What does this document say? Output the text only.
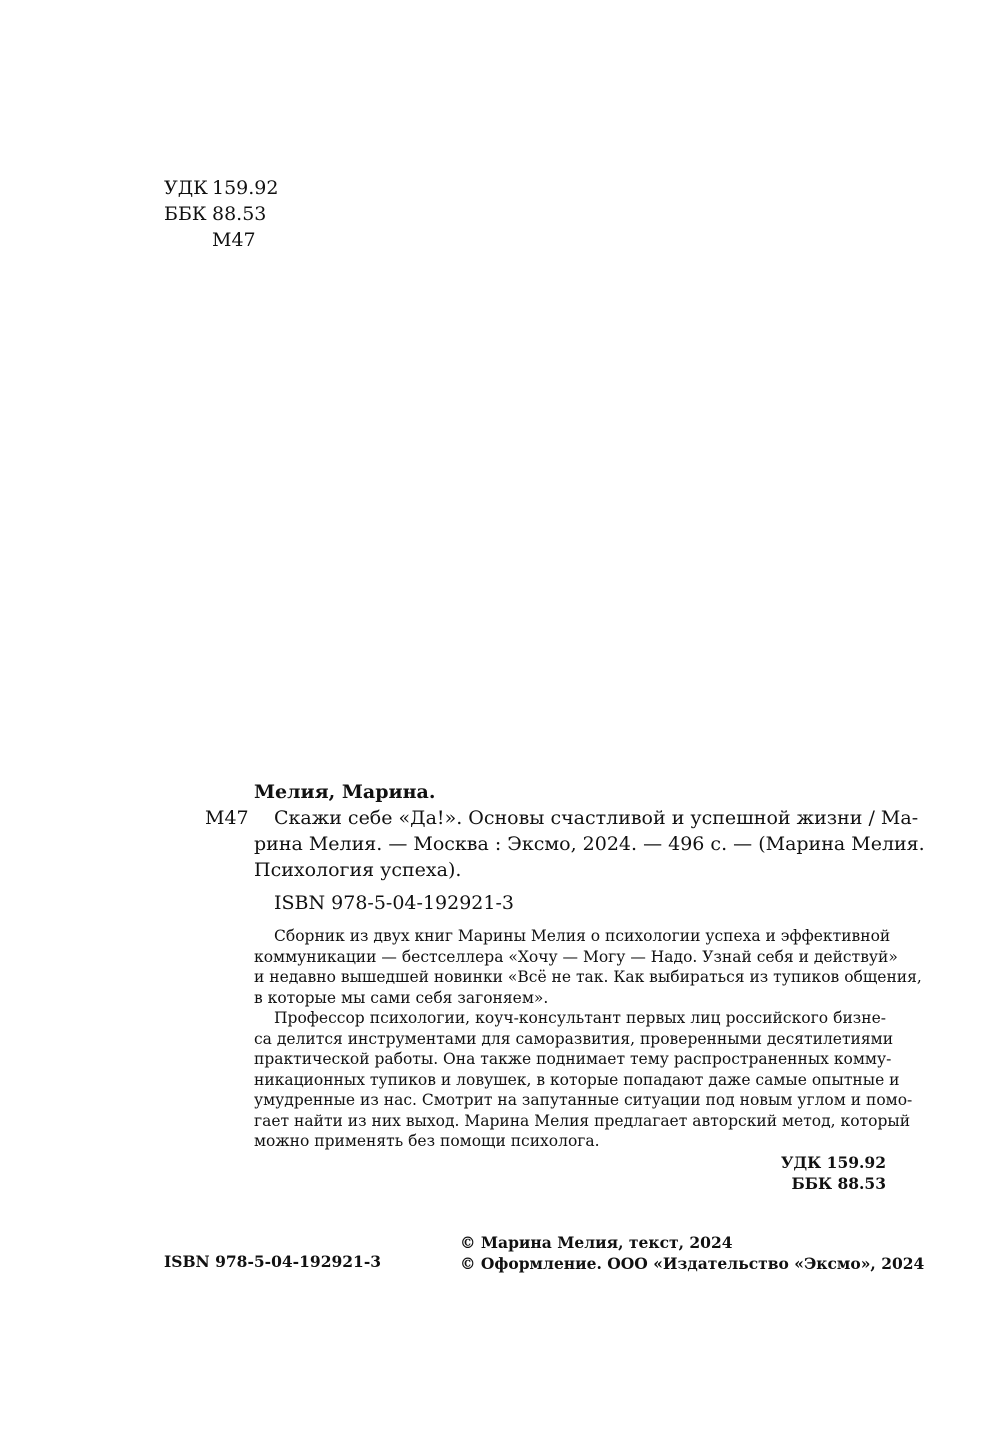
УДК 159.92
ББК 88.53
М47
Мелия, Марина.
М47	Скажи себе «Да!». Основы счастливой и успешной жизни / Ма-
рина Мелия. — Москва : Эксмо, 2024. — 496 с. — (Марина Мелия.
Психология успеха).
ISBN 978-5-04-192921-3
Сборник из двух книг Марины Мелия о психологии успеха и эффективной
коммуникации — бестселлера «Хочу — Могу — Надо. Узнай себя и действуй»
и недавно вышедшей новинки «Всё не так. Как выбираться из тупиков общения,
в которые мы сами себя загоняем».
Профессор психологии, коуч-консультант первых лиц российского бизне-
са делится инструментами для саморазвития, проверенными десятилетиями
практической работы. Она также поднимает тему распространенных комму-
никационных тупиков и ловушек, в которые попадают даже самые опытные и
умудренные из нас. Смотрит на запутанные ситуации под новым углом и помо-
гает найти из них выход. Марина Мелия предлагает авторский метод, который
можно применять без помощи психолога.
УДК 159.92
ББК 88.53
ISBN 978-5-04-192921-3
© Марина Мелия, текст, 2024
© Оформление. ООО «Издательство «Эксмо», 2024
